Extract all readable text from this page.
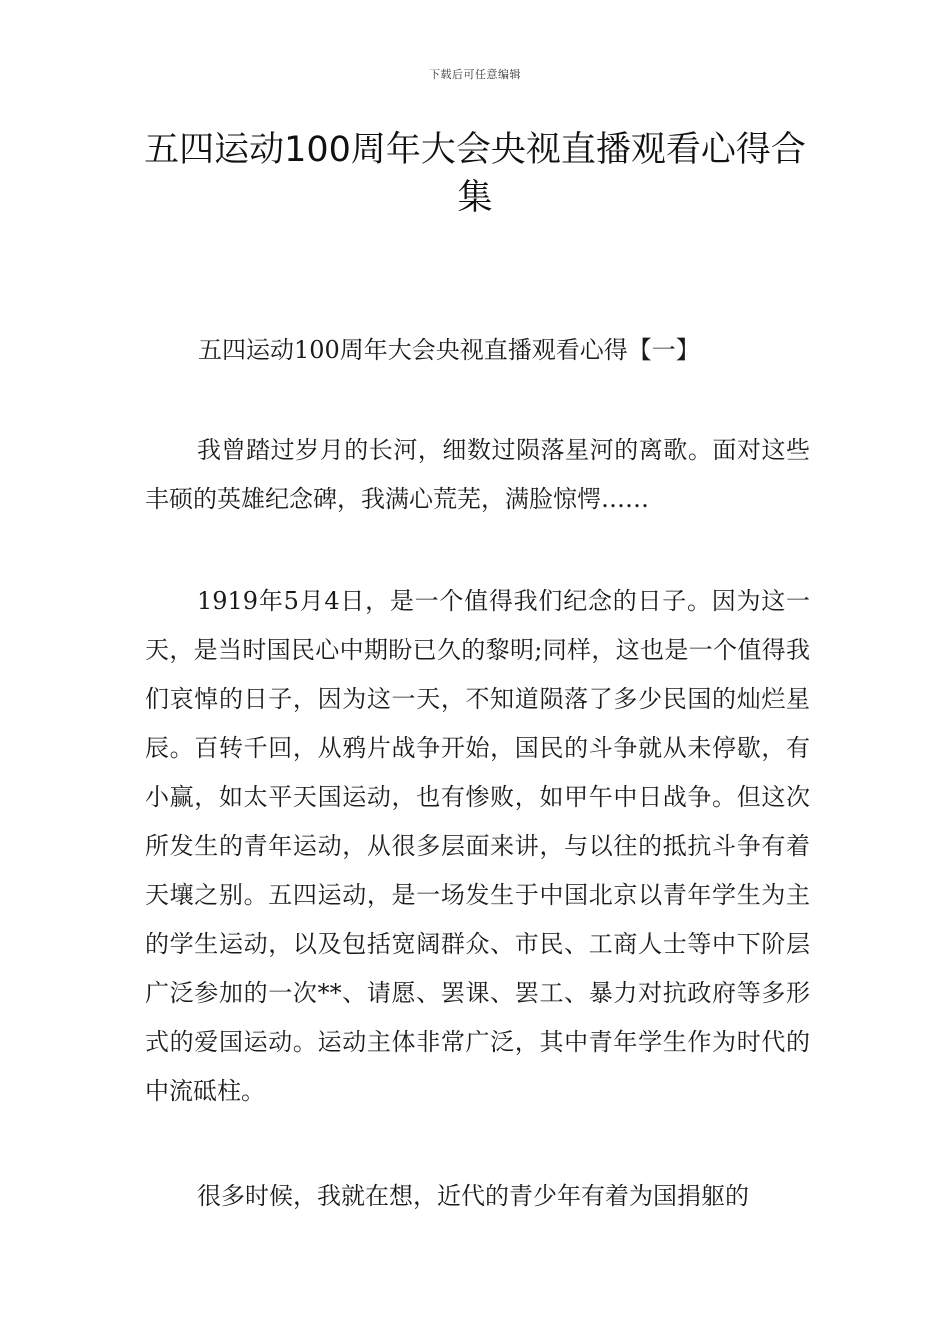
下载后可任意编辑
五四运动100周年大会央视直播观看心得合集

五四运动100周年大会央视直播观看心得【一】

我曾踏过岁月的长河，细数过陨落星河的离歌。面对这些丰硕的英雄纪念碑，我满心荒芜，满脸惊愕……

1919年5月4日，是一个值得我们纪念的日子。因为这一天，是当时国民心中期盼已久的黎明;同样，这也是一个值得我们哀悼的日子，因为这一天，不知道陨落了多少民国的灿烂星辰。百转千回，从鸦片战争开始，国民的斗争就从未停歇，有小赢，如太平天国运动，也有惨败，如甲午中日战争。但这次所发生的青年运动，从很多层面来讲，与以往的抵抗斗争有着天壤之别。五四运动，是一场发生于中国北京以青年学生为主的学生运动，以及包括宽阔群众、市民、工商人士等中下阶层广泛参加的一次**、请愿、罢课、罢工、暴力对抗政府等多形式的爱国运动。运动主体非常广泛，其中青年学生作为时代的中流砥柱。

很多时候，我就在想，近代的青少年有着为国捐躯的
